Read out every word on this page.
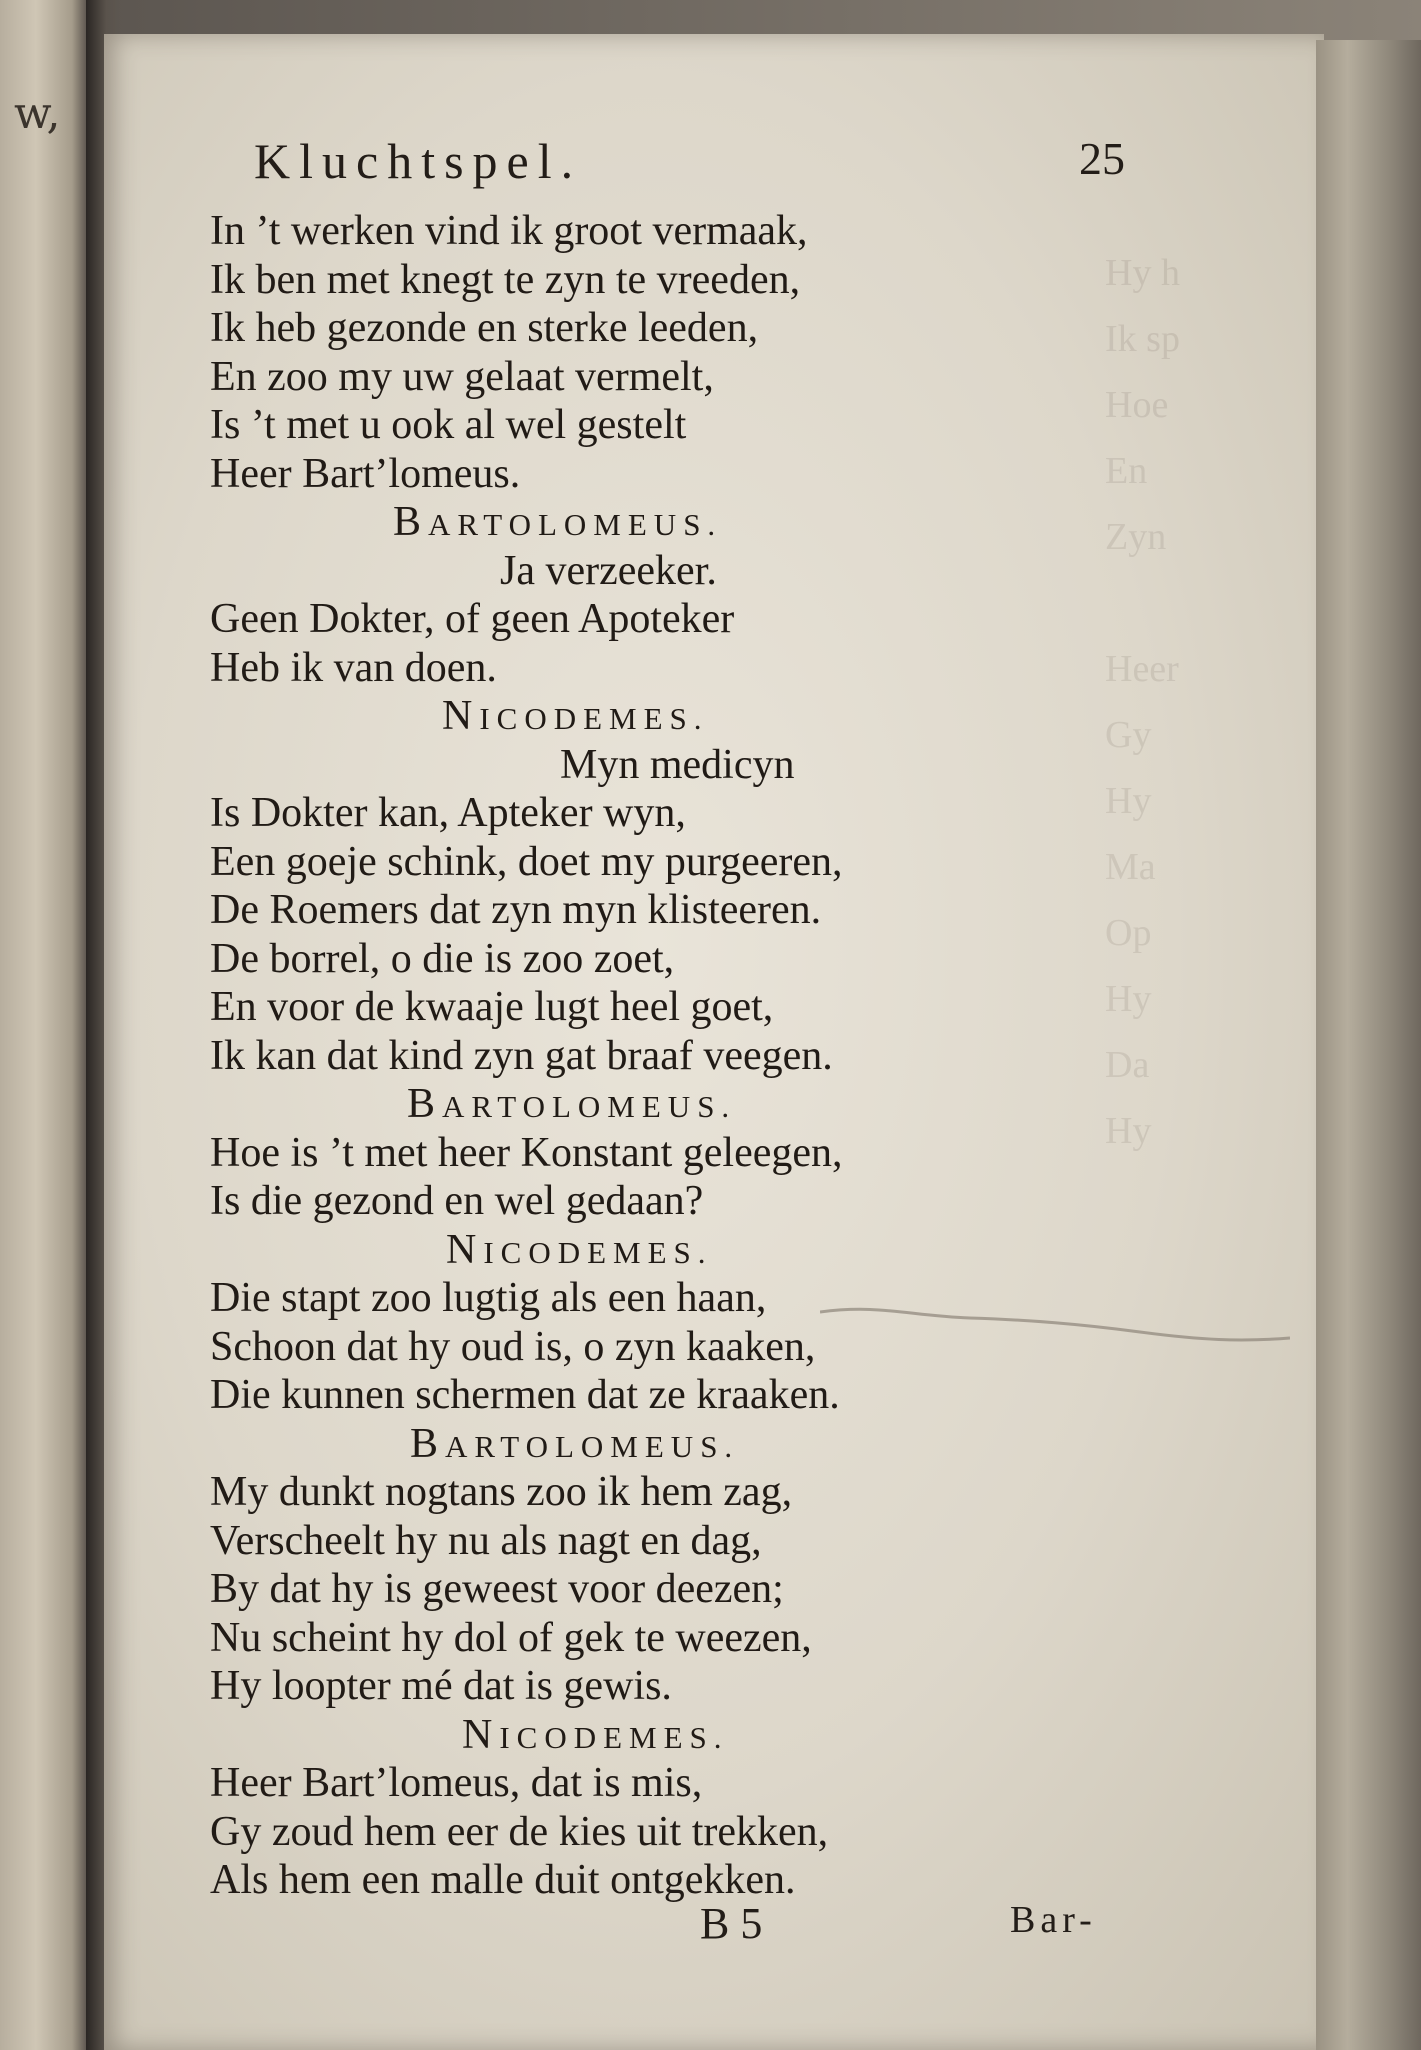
w,
Hy h
Ik sp
Hoe
En
Zyn

Heer
Gy
Hy
Ma
Op
Hy
Da
Hy
Kluchtspel.	25
In ’t werken vind ik groot vermaak,
Ik ben met knegt te zyn te vreeden,
Ik heb gezonde en sterke leeden,
En zoo my uw gelaat vermelt,
Is ’t met u ook al wel gestelt
Heer Bart’lomeus.
BARTOLOMEUS.
Ja verzeeker.
Geen Dokter, of geen Apoteker
Heb ik van doen.
NICODEMES.
Myn medicyn
Is Dokter kan, Apteker wyn,
Een goeje schink, doet my purgeeren,
De Roemers dat zyn myn klisteeren.
De borrel, o die is zoo zoet,
En voor de kwaaje lugt heel goet,
Ik kan dat kind zyn gat braaf veegen.
BARTOLOMEUS.
Hoe is ’t met heer Konstant geleegen,
Is die gezond en wel gedaan?
NICODEMES.
Die stapt zoo lugtig als een haan,
Schoon dat hy oud is, o zyn kaaken,
Die kunnen schermen dat ze kraaken.
BARTOLOMEUS.
My dunkt nogtans zoo ik hem zag,
Verscheelt hy nu als nagt en dag,
By dat hy is geweest voor deezen;
Nu scheint hy dol of gek te weezen,
Hy loopter mé dat is gewis.
NICODEMES.
Heer Bart’lomeus, dat is mis,
Gy zoud hem eer de kies uit trekken,
Als hem een malle duit ontgekken.
B 5	Bar-
